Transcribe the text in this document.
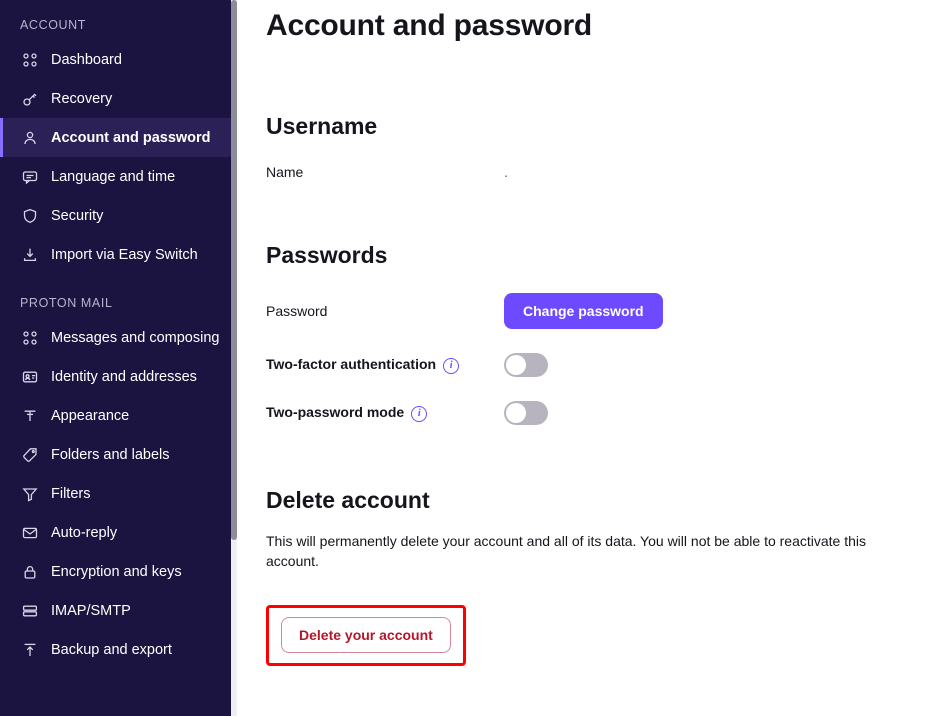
ACCOUNT
Dashboard
Recovery
Account and password
Language and time
Security
Import via Easy Switch
PROTON MAIL
Messages and composing
Identity and addresses
Appearance
Folders and labels
Filters
Auto-reply
Encryption and keys
IMAP/SMTP
Backup and export
Account and password
Username
Name	.
Passwords
Password	Change password
Two-factor authentication i
Two-password mode i
Delete account

This will permanently delete your account and all of its data. You will not be able to reactivate this account.

Delete your account
